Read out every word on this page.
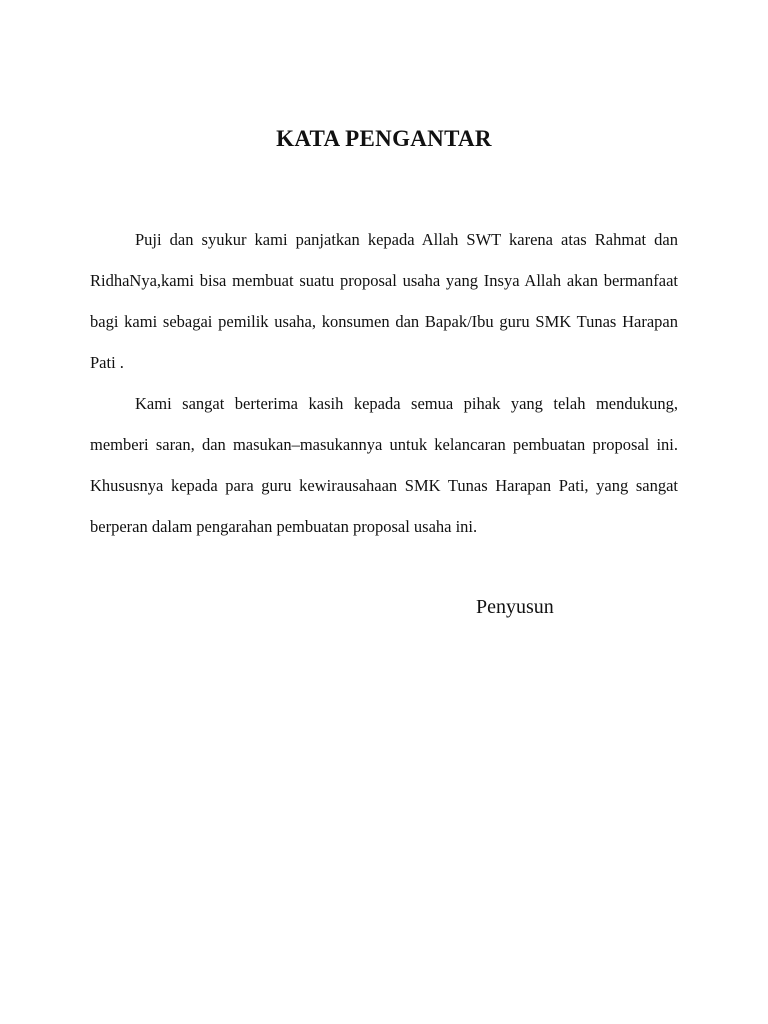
KATA PENGANTAR

Puji dan syukur kami panjatkan kepada Allah SWT karena atas Rahmat dan RidhaNya,kami bisa membuat suatu proposal usaha yang Insya Allah akan bermanfaat bagi kami sebagai pemilik usaha, konsumen dan Bapak/Ibu guru SMK Tunas Harapan Pati .

Kami sangat berterima kasih kepada semua pihak yang telah mendukung, memberi saran, dan masukan–masukannya untuk kelancaran pembuatan proposal ini. Khususnya kepada para guru kewirausahaan SMK Tunas Harapan Pati, yang sangat berperan dalam pengarahan pembuatan proposal usaha ini.

Penyusun
